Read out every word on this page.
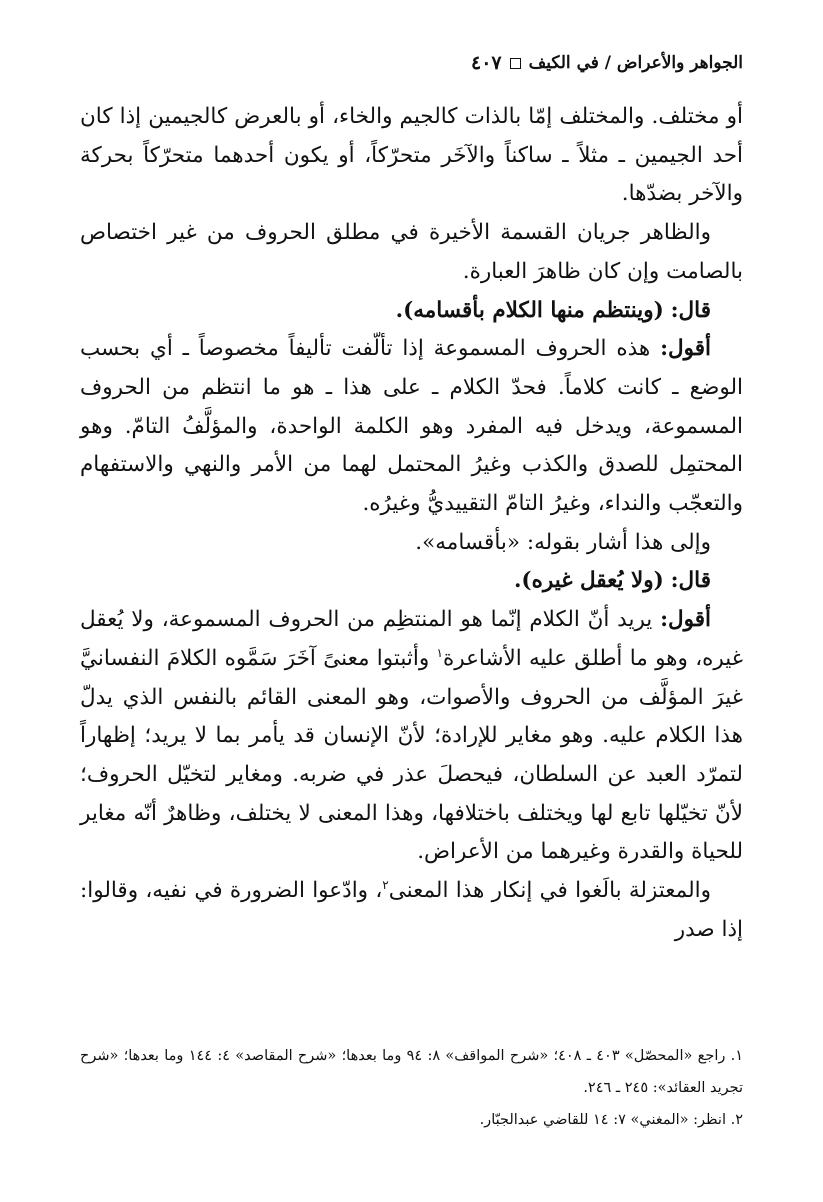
الجواهر والأعراض / في الكيف
٤٠٧

أو مختلف. والمختلف إمّا بالذات كالجيم والخاء، أو بالعرض كالجيمين إذا كان أحد الجيمين ـ مثلاً ـ ساكناً والآخَر متحرّكاً، أو يكون أحدهما متحرّكاً بحركة والآخر بضدّها.

والظاهر جريان القسمة الأخيرة في مطلق الحروف من غير اختصاص بالصامت وإن كان ظاهرَ العبارة.

قال: (وينتظم منها الكلام بأقسامه).

أقول: هذه الحروف المسموعة إذا تألّفت تأليفاً مخصوصاً ـ أي بحسب الوضع ـ كانت كلاماً. فحدّ الكلام ـ على هذا ـ هو ما انتظم من الحروف المسموعة، ويدخل فيه المفرد وهو الكلمة الواحدة، والمؤلَّفُ التامّ. وهو المحتمِل للصدق والكذب وغيرُ المحتمل لهما من الأمر والنهي والاستفهام والتعجّب والنداء، وغيرُ التامّ التقييديُّ وغيرُه.

وإلى هذا أشار بقوله: «بأقسامه».

قال: (ولا يُعقل غيره).

أقول: يريد أنّ الكلام إنّما هو المنتظِم من الحروف المسموعة، ولا يُعقل غيره، وهو ما أطلق عليه الأشاعرة$^١$ وأثبتوا معنىً آخَرَ سَمَّوه الكلامَ النفسانيَّ غيرَ المؤلَّف من الحروف والأصوات، وهو المعنى القائم بالنفس الذي يدلّ هذا الكلام عليه. وهو مغاير للإرادة؛ لأنّ الإنسان قد يأمر بما لا يريد؛ إظهاراً لتمرّد العبد عن السلطان، فيحصلَ عذر في ضربه. ومغاير لتخيّل الحروف؛ لأنّ تخيّلها تابع لها ويختلف باختلافها، وهذا المعنى لا يختلف، وظاهرٌ أنّه مغاير للحياة والقدرة وغيرهما من الأعراض.

والمعتزلة بالَغوا في إنكار هذا المعنى$^٢$، وادّعوا الضرورة في نفيه، وقالوا: إذا صدر

١. راجع «المحصّل» ٤٠٣ ـ ٤٠٨؛ «شرح المواقف» ٨: ٩٤ وما بعدها؛ «شرح المقاصد» ٤: ١٤٤ وما بعدها؛ «شرح تجريد العقائد»: ٢٤٥ ـ ٢٤٦.

٢. انظر: «المغني» ٧: ١٤ للقاضي عبدالجبّار.
